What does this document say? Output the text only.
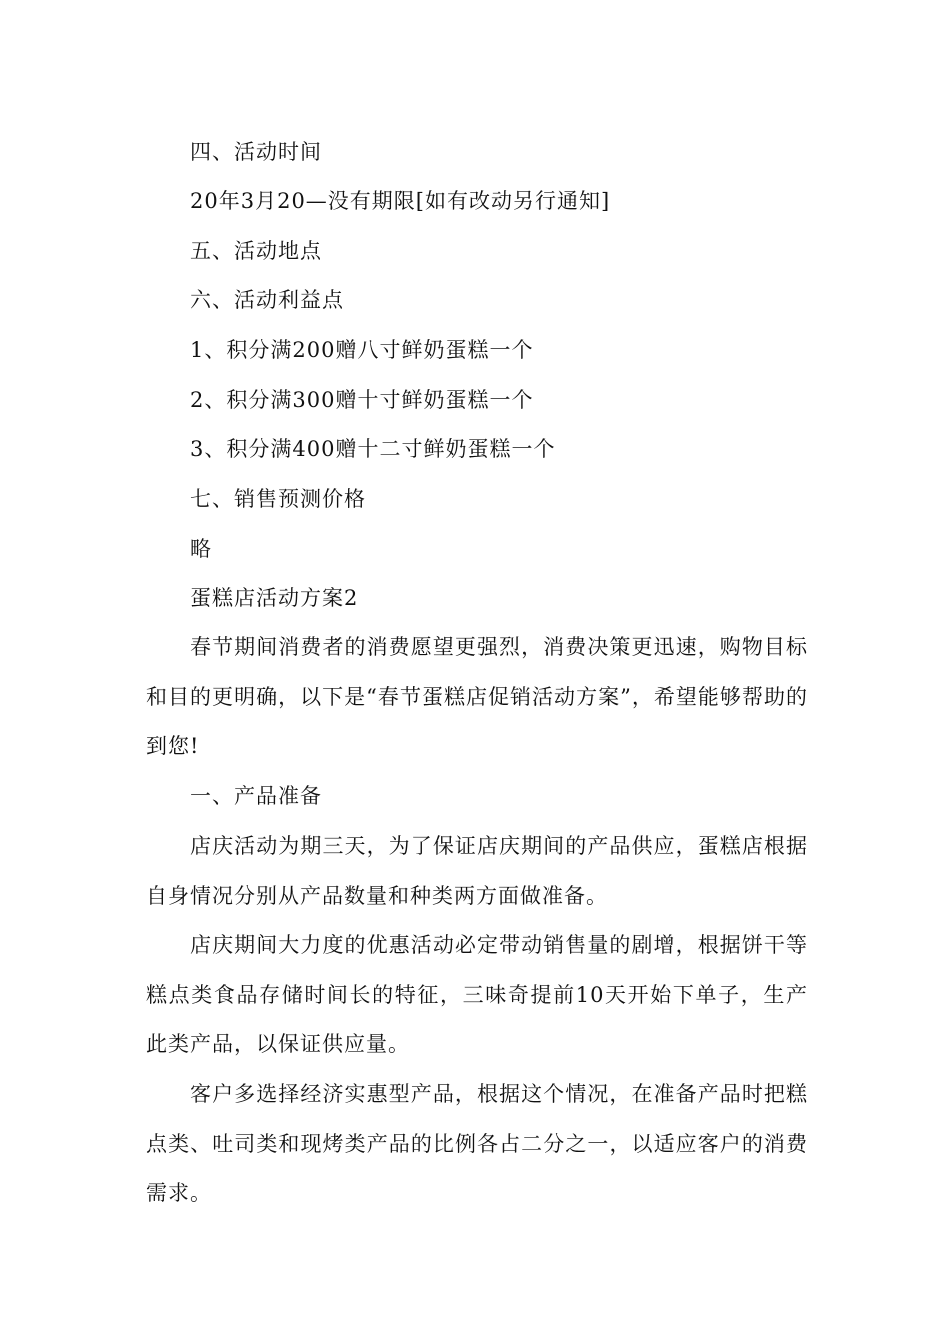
四、活动时间
20年3月20—没有期限[如有改动另行通知]
五、活动地点
六、活动利益点
1、积分满200赠八寸鲜奶蛋糕一个
2、积分满300赠十寸鲜奶蛋糕一个
3、积分满400赠十二寸鲜奶蛋糕一个
七、销售预测价格
略
蛋糕店活动方案2

春节期间消费者的消费愿望更强烈，消费决策更迅速，购物目标和目的更明确，以下是“春节蛋糕店促销活动方案”，希望能够帮助的到您!

一、产品准备

店庆活动为期三天，为了保证店庆期间的产品供应，蛋糕店根据自身情况分别从产品数量和种类两方面做准备。

店庆期间大力度的优惠活动必定带动销售量的剧增，根据饼干等糕点类食品存储时间长的特征，三味奇提前10天开始下单子，生产此类产品，以保证供应量。

客户多选择经济实惠型产品，根据这个情况，在准备产品时把糕点类、吐司类和现烤类产品的比例各占二分之一，以适应客户的消费需求。
